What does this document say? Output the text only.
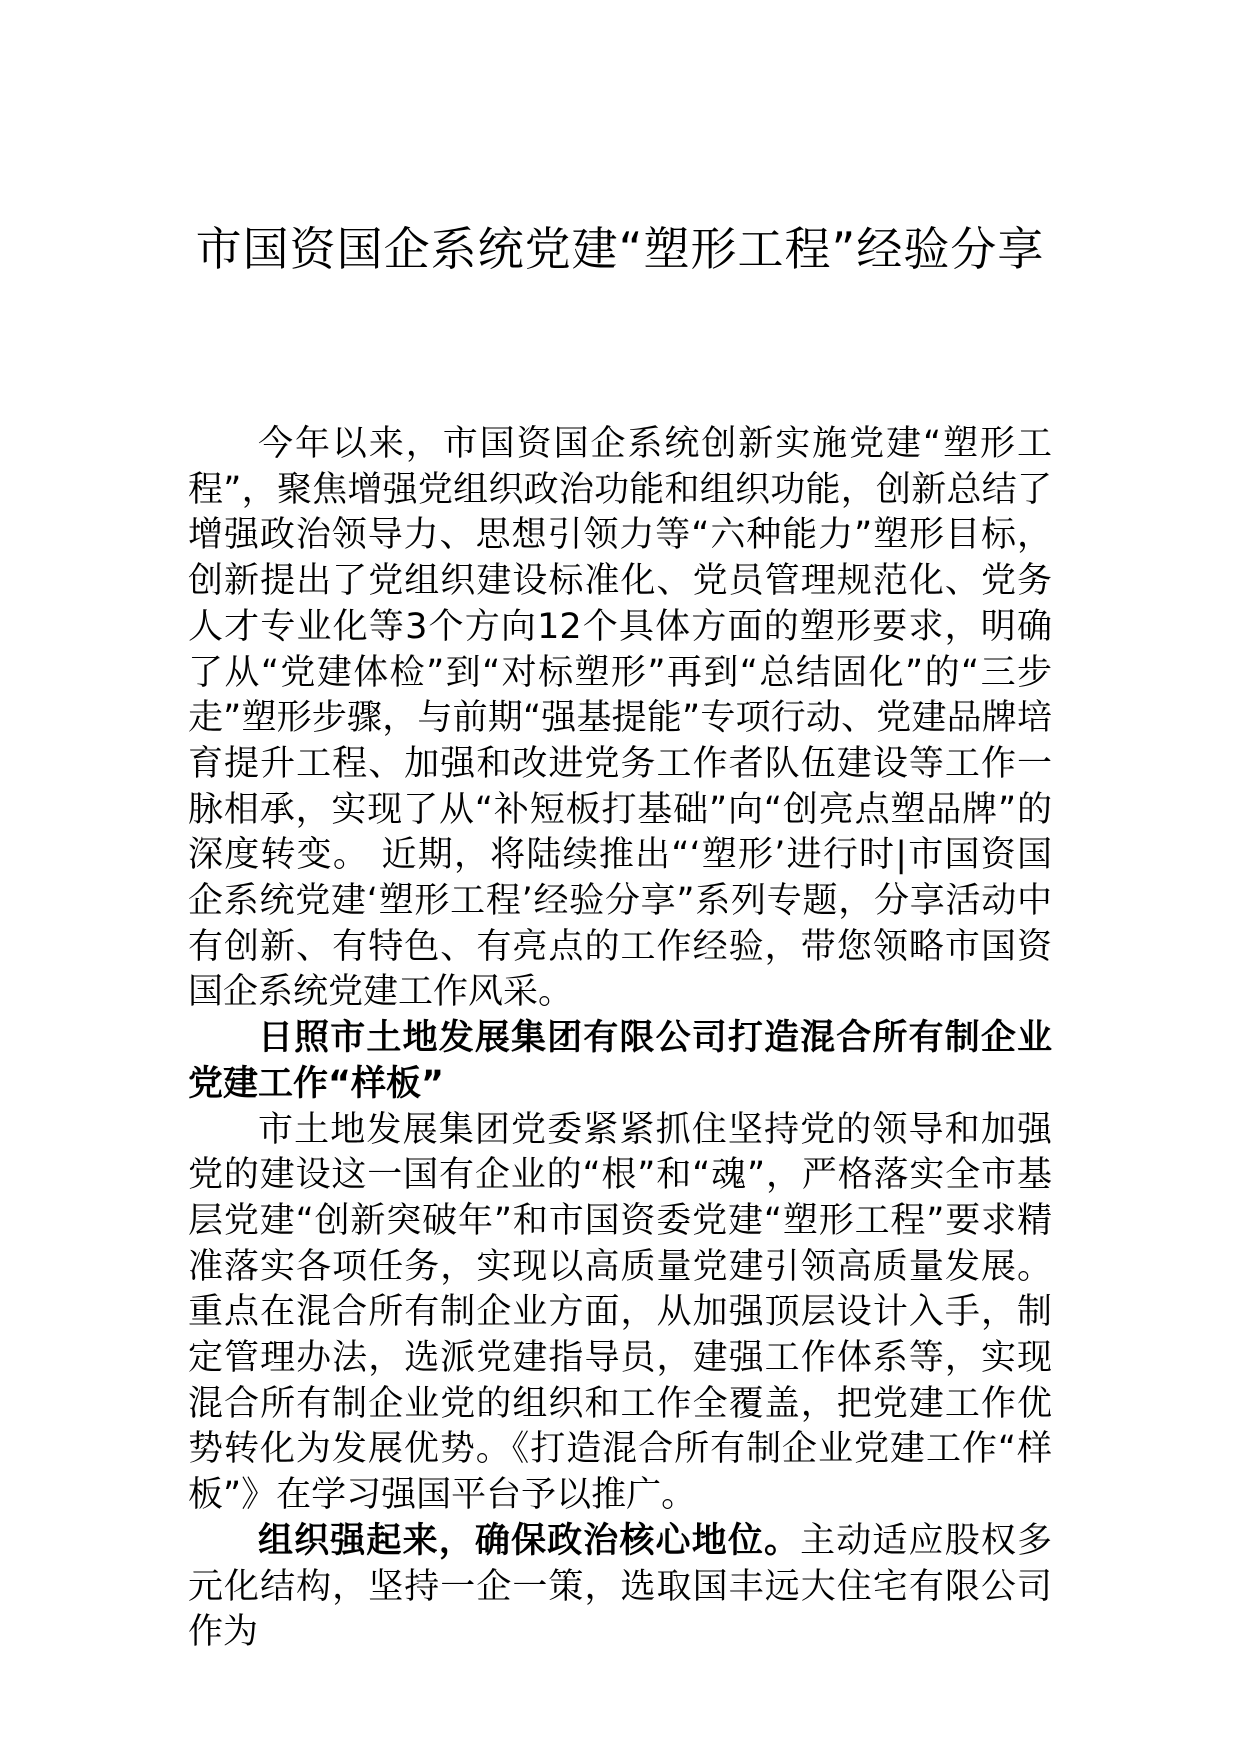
市国资国企系统党建“塑形工程”经验分享

今年以来，市国资国企系统创新实施党建“塑形工程”，聚焦增强党组织政治功能和组织功能，创新总结了增强政治领导力、思想引领力等“六种能力”塑形目标，创新提出了党组织建设标准化、党员管理规范化、党务人才专业化等3个方向12个具体方面的塑形要求，明确了从“党建体检”到“对标塑形”再到“总结固化”的“三步走”塑形步骤，与前期“强基提能”专项行动、党建品牌培育提升工程、加强和改进党务工作者队伍建设等工作一脉相承，实现了从“补短板打基础”向“创亮点塑品牌”的深度转变。 近期，将陆续推出“‘塑形’进行时|市国资国企系统党建‘塑形工程’经验分享”系列专题，分享活动中有创新、有特色、有亮点的工作经验，带您领略市国资国企系统党建工作风采。

日照市土地发展集团有限公司打造混合所有制企业党建工作“样板”

市土地发展集团党委紧紧抓住坚持党的领导和加强党的建设这一国有企业的“根”和“魂”，严格落实全市基层党建“创新突破年”和市国资委党建“塑形工程”要求精准落实各项任务，实现以高质量党建引领高质量发展。重点在混合所有制企业方面，从加强顶层设计入手，制定管理办法，选派党建指导员，建强工作体系等，实现混合所有制企业党的组织和工作全覆盖，把党建工作优势转化为发展优势。《打造混合所有制企业党建工作“样板”》在学习强国平台予以推广。

组织强起来，确保政治核心地位。主动适应股权多元化结构，坚持一企一策，选取国丰远大住宅有限公司作为
